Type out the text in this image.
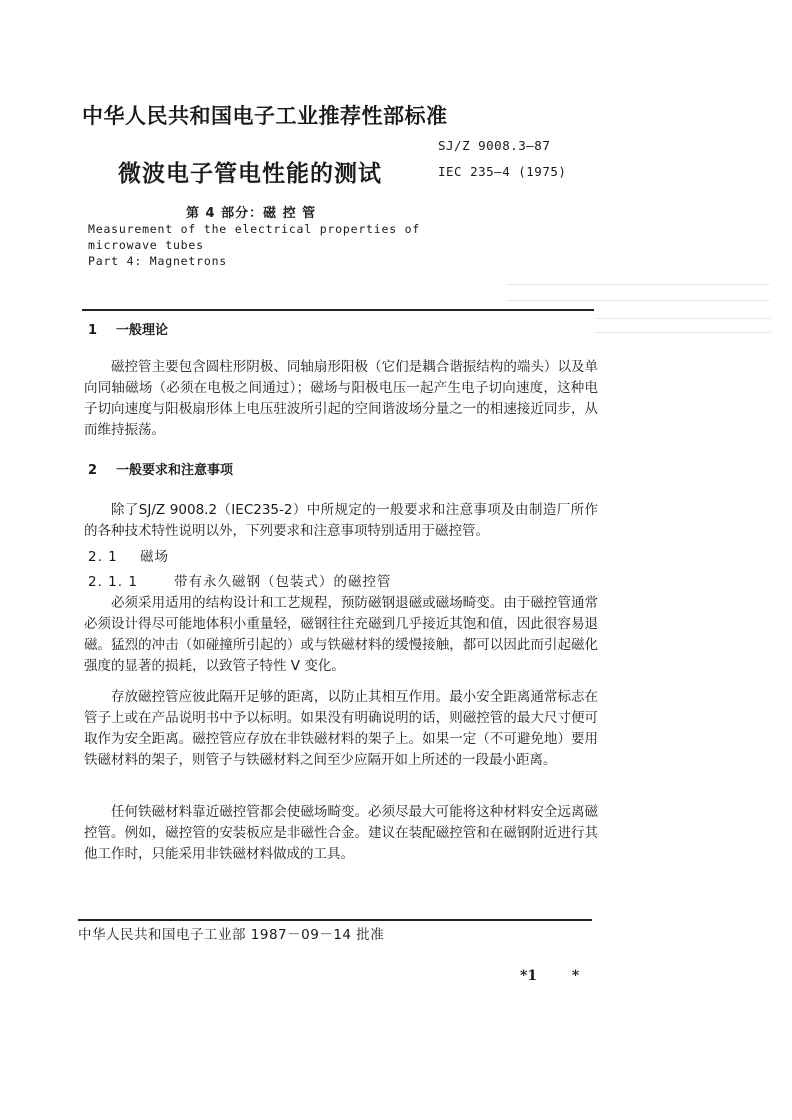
中华人民共和国电子工业推荐性部标准
SJ/Z 9008.3—87
微波电子管电性能的测试	IEC 235—4 (1975)
第 4 部分：磁 控 管
Measurement of the electrical properties of
microwave tubes
Part 4: Magnetrons
1 一般理论
磁控管主要包含圆柱形阴极、同轴扇形阳极（它们是耦合谐振结构的端头）以及单向同轴磁场（必须在电极之间通过）；磁场与阳极电压一起产生电子切向速度，这种电子切向速度与阳极扇形体上电压驻波所引起的空间谐波场分量之一的相速接近同步，从而维持振荡。
2 一般要求和注意事项
除了SJ/Z 9008.2（IEC235-2）中所规定的一般要求和注意事项及由制造厂所作的各种技术特性说明以外，下列要求和注意事项特别适用于磁控管。
2. 1 磁场
2. 1. 1	带有永久磁钢（包装式）的磁控管
必须采用适用的结构设计和工艺规程，预防磁钢退磁或磁场畸变。由于磁控管通常必须设计得尽可能地体积小重量轻，磁钢往往充磁到几乎接近其饱和值，因此很容易退磁。猛烈的冲击（如碰撞所引起的）或与铁磁材料的缓慢接触，都可以因此而引起磁化强度的显著的损耗，以致管子特性 V 变化。
存放磁控管应彼此隔开足够的距离，以防止其相互作用。最小安全距离通常标志在管子上或在产品说明书中予以标明。如果没有明确说明的话，则磁控管的最大尺寸便可取作为安全距离。磁控管应存放在非铁磁材料的架子上。如果一定（不可避免地）要用铁磁材料的架子，则管子与铁磁材料之间至少应隔开如上所述的一段最小距离。
任何铁磁材料靠近磁控管都会使磁场畸变。必须尽最大可能将这种材料安全远离磁控管。例如，磁控管的安装板应是非磁性合金。建议在装配磁控管和在磁钢附近进行其他工作时，只能采用非铁磁材料做成的工具。
中华人民共和国电子工业部 1987－09－14 批准
*1 *
